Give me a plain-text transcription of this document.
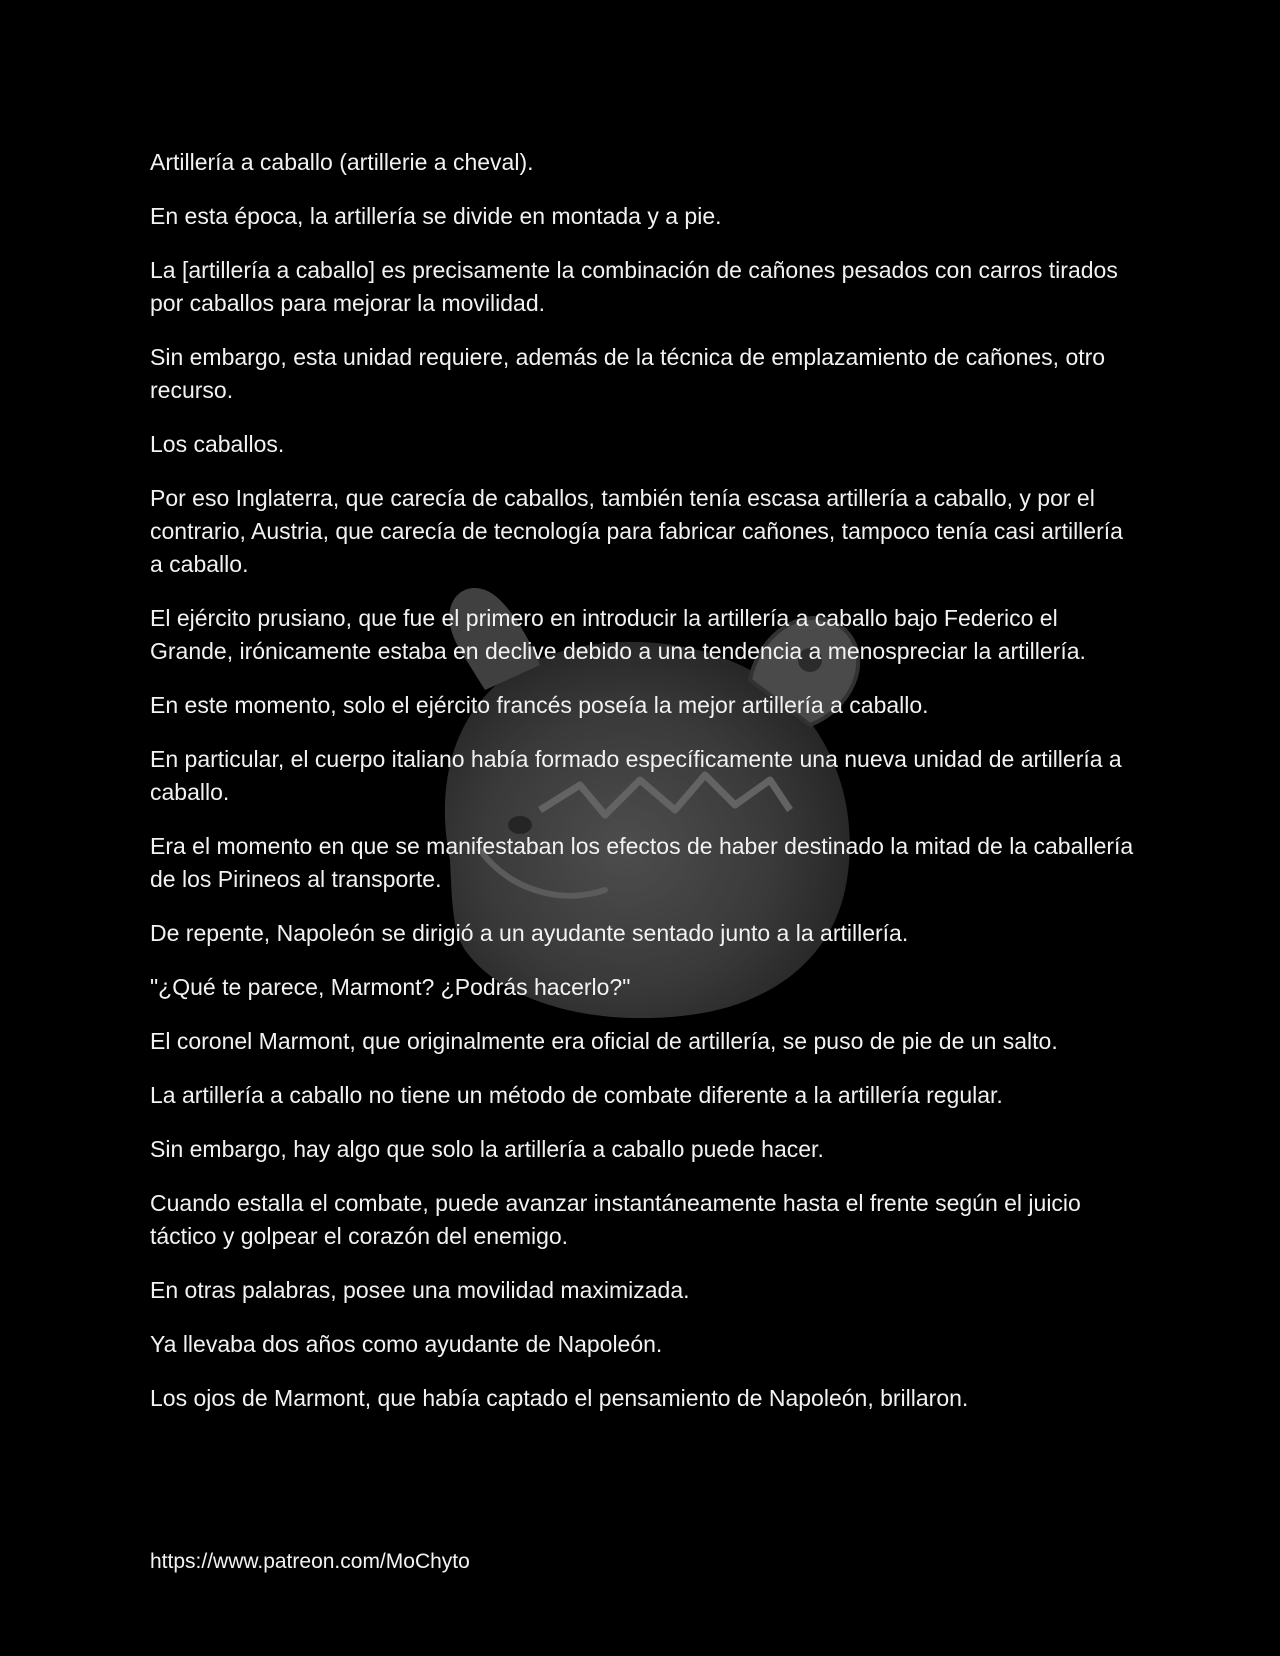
Artillería a caballo (artillerie a cheval).

En esta época, la artillería se divide en montada y a pie.

La [artillería a caballo] es precisamente la combinación de cañones pesados con carros tirados por caballos para mejorar la movilidad.

Sin embargo, esta unidad requiere, además de la técnica de emplazamiento de cañones, otro recurso.

Los caballos.

Por eso Inglaterra, que carecía de caballos, también tenía escasa artillería a caballo, y por el contrario, Austria, que carecía de tecnología para fabricar cañones, tampoco tenía casi artillería a caballo.

El ejército prusiano, que fue el primero en introducir la artillería a caballo bajo Federico el Grande, irónicamente estaba en declive debido a una tendencia a menospreciar la artillería.

En este momento, solo el ejército francés poseía la mejor artillería a caballo.

En particular, el cuerpo italiano había formado específicamente una nueva unidad de artillería a caballo.

Era el momento en que se manifestaban los efectos de haber destinado la mitad de la caballería de los Pirineos al transporte.

De repente, Napoleón se dirigió a un ayudante sentado junto a la artillería.

"¿Qué te parece, Marmont? ¿Podrás hacerlo?"

El coronel Marmont, que originalmente era oficial de artillería, se puso de pie de un salto.

La artillería a caballo no tiene un método de combate diferente a la artillería regular.

Sin embargo, hay algo que solo la artillería a caballo puede hacer.

Cuando estalla el combate, puede avanzar instantáneamente hasta el frente según el juicio táctico y golpear el corazón del enemigo.

En otras palabras, posee una movilidad maximizada.

Ya llevaba dos años como ayudante de Napoleón.

Los ojos de Marmont, que había captado el pensamiento de Napoleón, brillaron.

https://www.patreon.com/MoChyto
